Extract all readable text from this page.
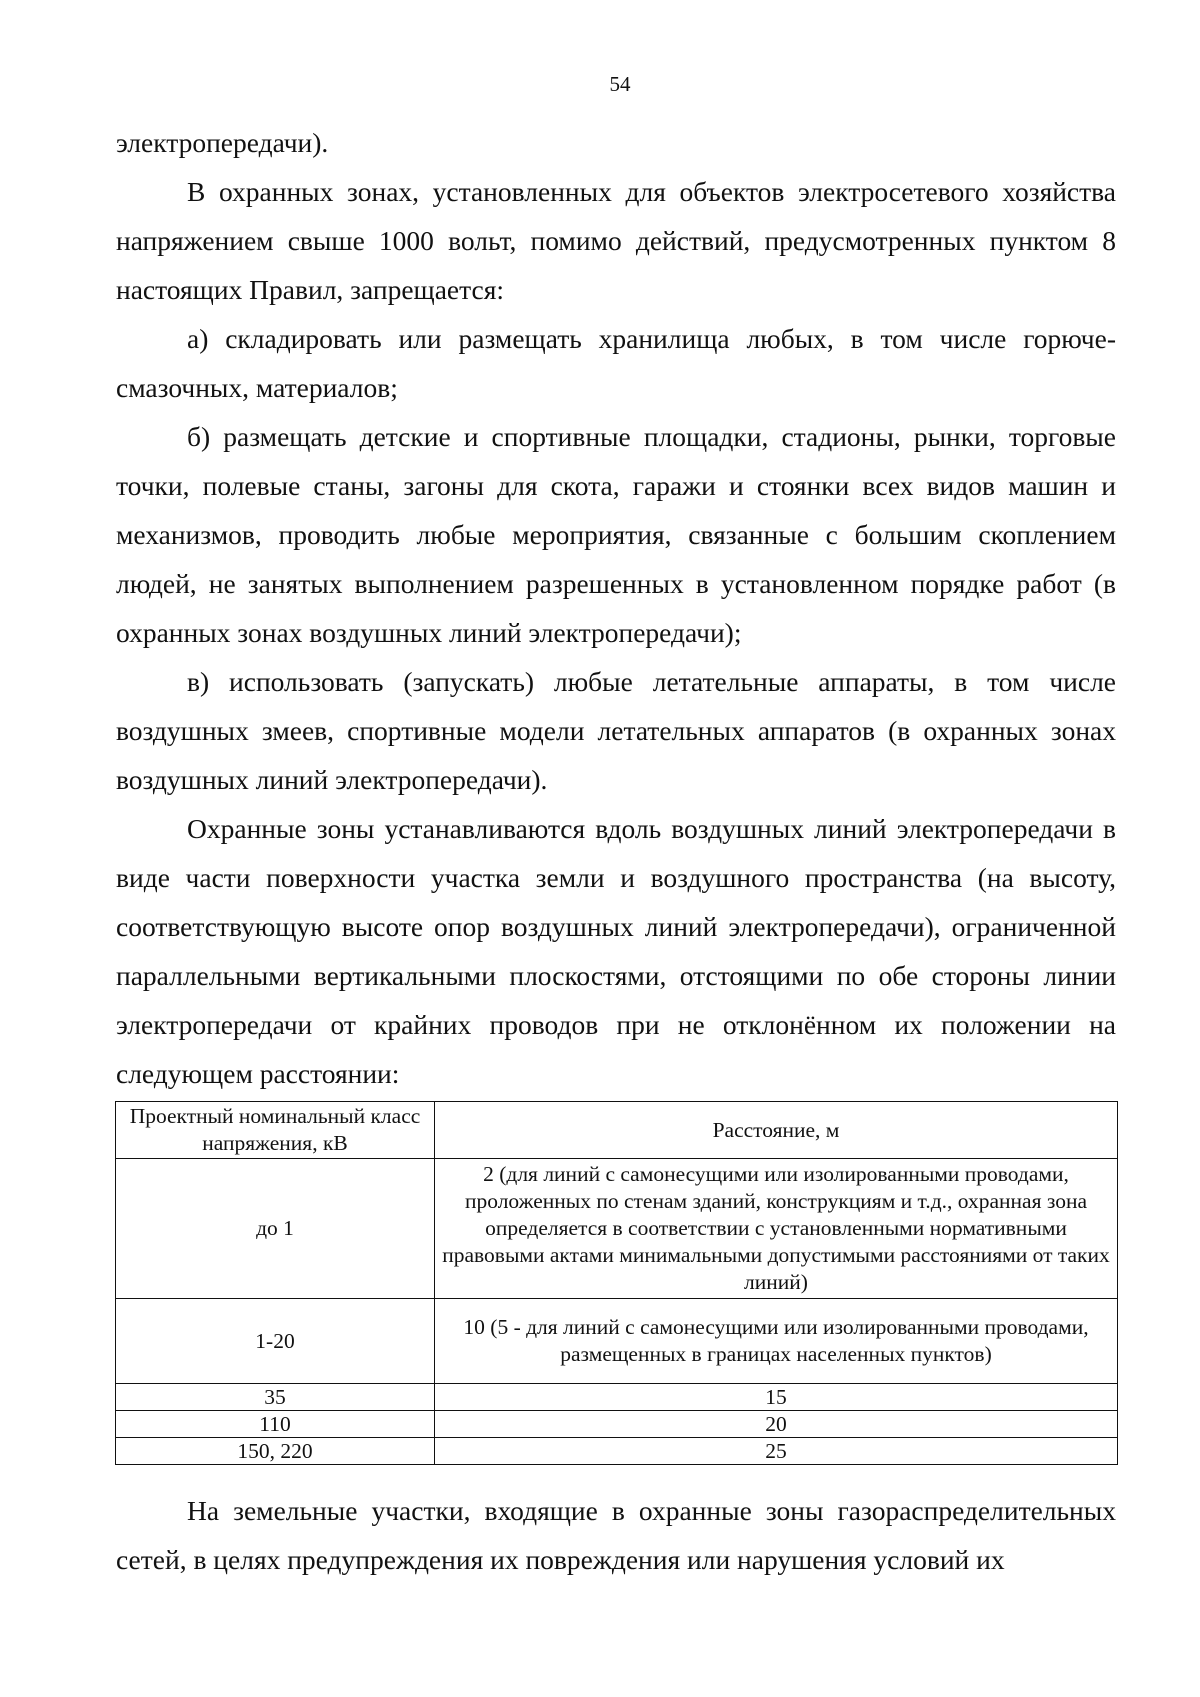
54

электропередачи).

В охранных зонах, установленных для объектов электросетевого хозяйства напряжением свыше 1000 вольт, помимо действий, предусмотренных пунктом 8 настоящих Правил, запрещается:

а) складировать или размещать хранилища любых, в том числе горюче-смазочных, материалов;

б) размещать детские и спортивные площадки, стадионы, рынки, торговые точки, полевые станы, загоны для скота, гаражи и стоянки всех видов машин и механизмов, проводить любые мероприятия, связанные с большим скоплением людей, не занятых выполнением разрешенных в установленном порядке работ (в охранных зонах воздушных линий электропередачи);

в) использовать (запускать) любые летательные аппараты, в том числе воздушных змеев, спортивные модели летательных аппаратов (в охранных зонах воздушных линий электропередачи).

Охранные зоны устанавливаются вдоль воздушных линий электропередачи в виде части поверхности участка земли и воздушного пространства (на высоту, соответствующую высоте опор воздушных линий электропередачи), ограниченной параллельными вертикальными плоскостями, отстоящими по обе стороны линии электропередачи от крайних проводов при не отклонённом их положении на следующем расстоянии:

Проектный номинальный класс напряжения, кВ	Расстояние, м
до 1	2 (для линий с самонесущими или изолированными проводами, проложенных по стенам зданий, конструкциям и т.д., охранная зона определяется в соответствии с установленными нормативными правовыми актами минимальными допустимыми расстояниями от таких линий)
1-20	10 (5 - для линий с самонесущими или изолированными проводами, размещенных в границах населенных пунктов)
35	15
110	20
150, 220	25

На земельные участки, входящие в охранные зоны газораспределительных сетей, в целях предупреждения их повреждения или нарушения условий их
